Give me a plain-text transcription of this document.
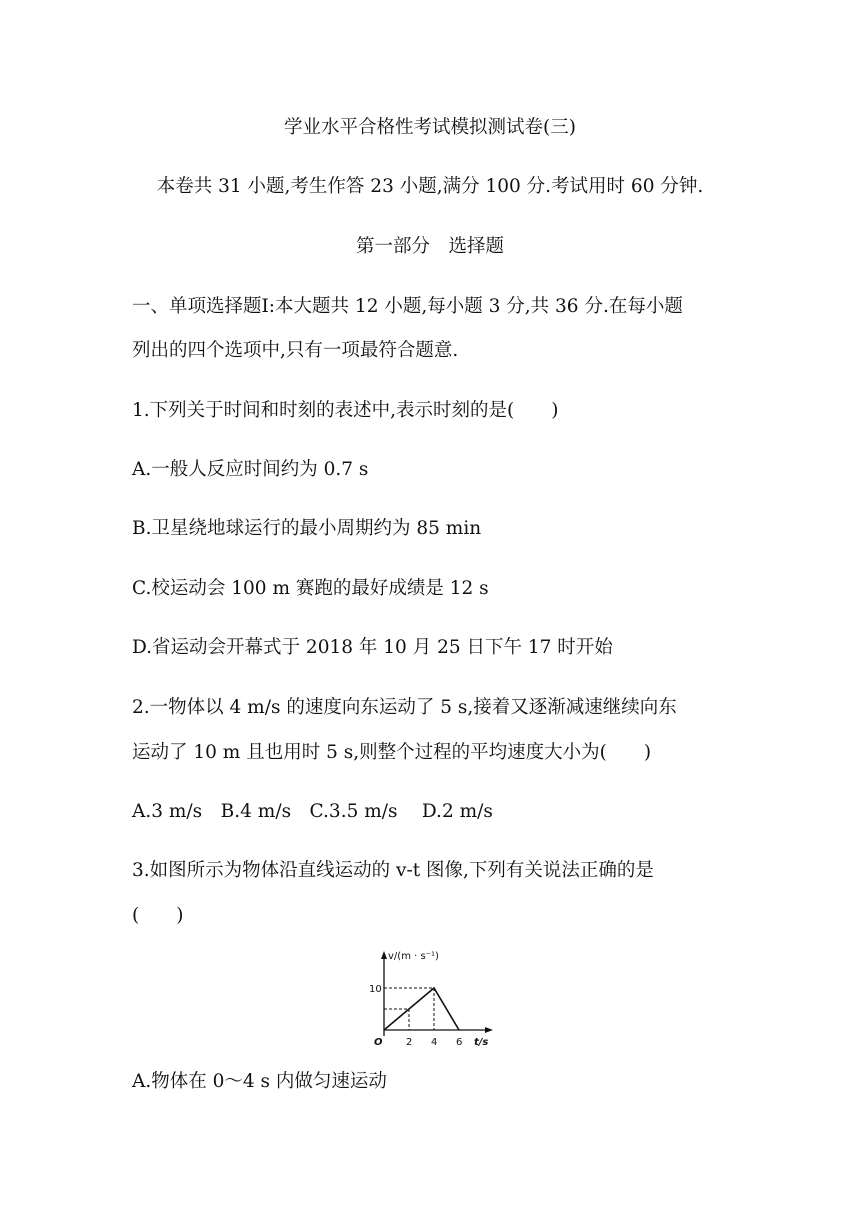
学业水平合格性考试模拟测试卷(三)
本卷共 31 小题,考生作答 23 小题,满分 100 分.考试用时 60 分钟.
第一部分　选择题
一、单项选择题Ⅰ:本大题共 12 小题,每小题 3 分,共 36 分.在每小题
列出的四个选项中,只有一项最符合题意.
1.下列关于时间和时刻的表述中,表示时刻的是(　　)
A.一般人反应时间约为 0.7 s
B.卫星绕地球运行的最小周期约为 85 min
C.校运动会 100 m 赛跑的最好成绩是 12 s
D.省运动会开幕式于 2018 年 10 月 25 日下午 17 时开始
2.一物体以 4 m/s 的速度向东运动了 5 s,接着又逐渐减速继续向东
运动了 10 m 且也用时 5 s,则整个过程的平均速度大小为(　　)
A.3 m/s　B.4 m/s　C.3.5 m/s　 D.2 m/s
3.如图所示为物体沿直线运动的 v-t 图像,下列有关说法正确的是
(　　)
v/(m · s⁻¹)
10
O 2 4 6 t/s
A.物体在 0～4 s 内做匀速运动
